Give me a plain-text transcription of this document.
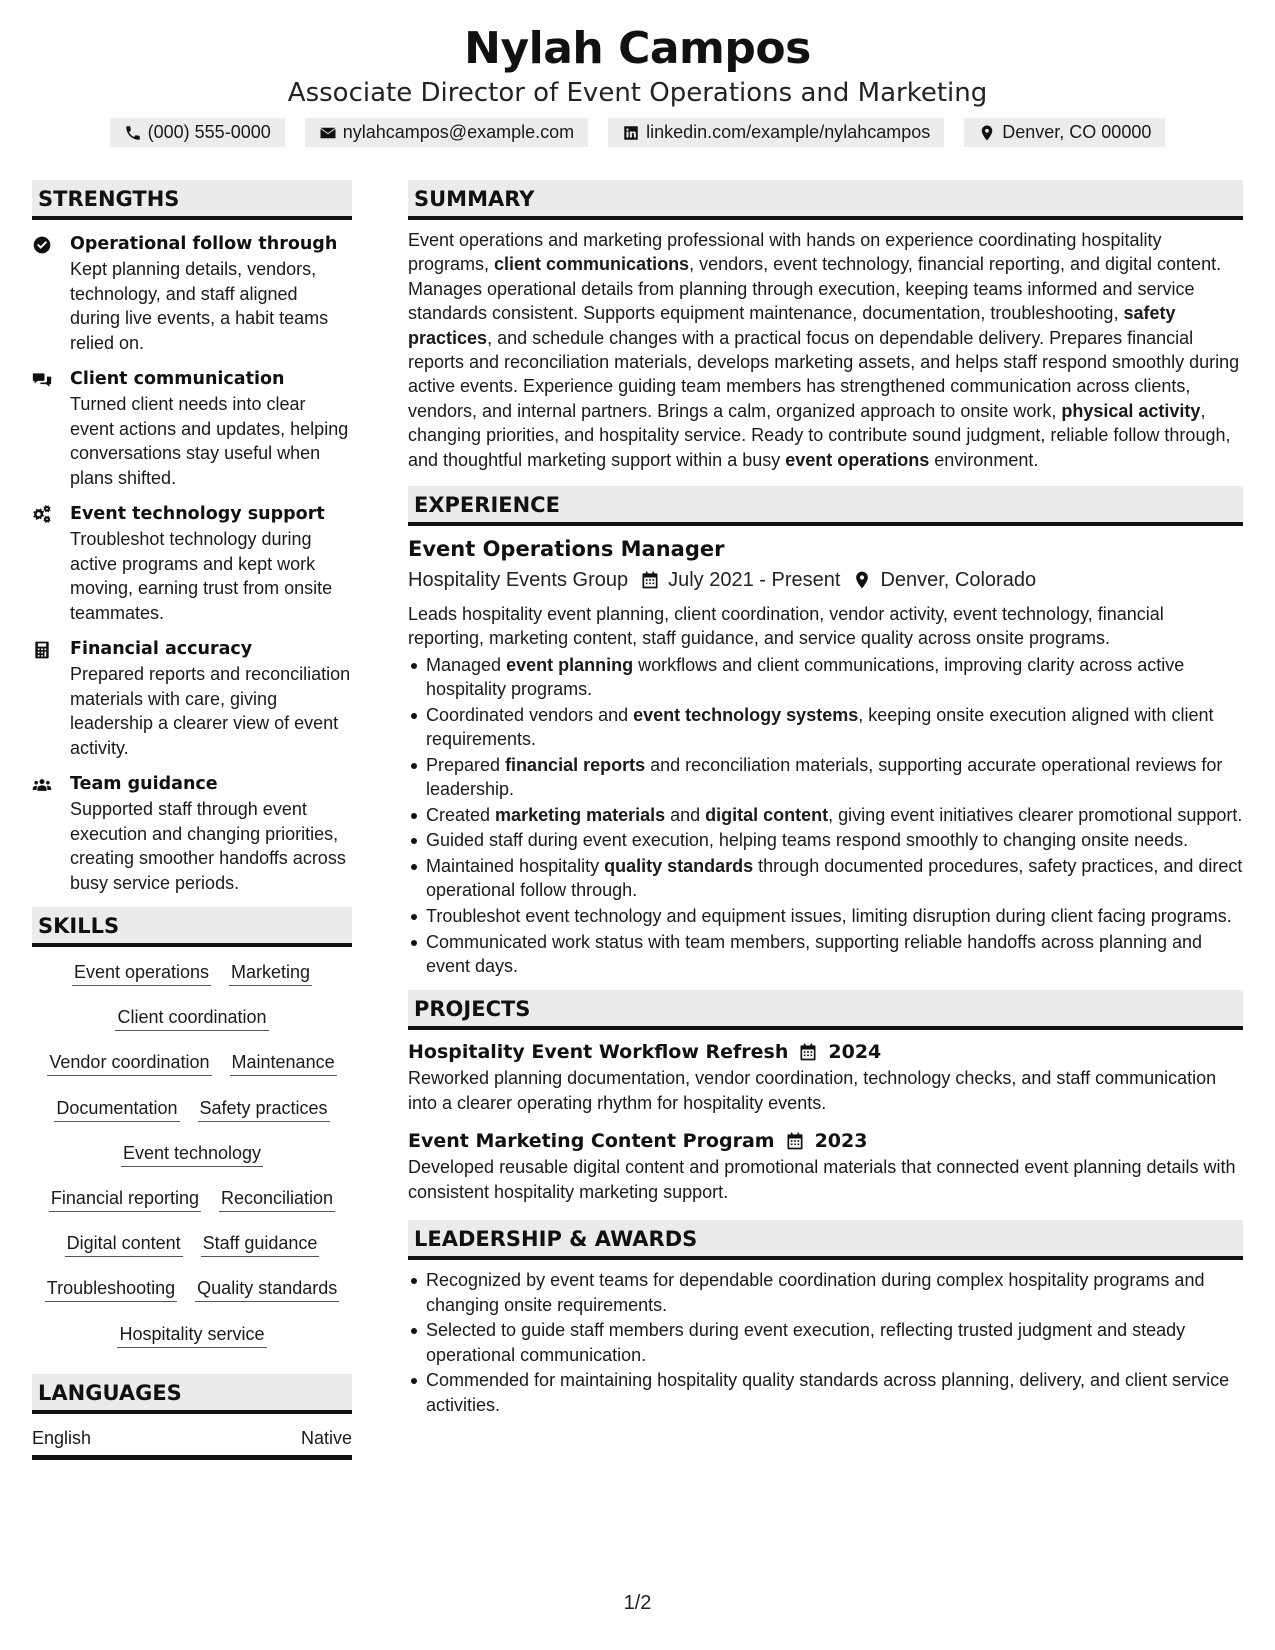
Nylah Campos
Associate Director of Event Operations and Marketing
(000) 555-0000	nylahcampos@example.com	linkedin.com/example/nylahcampos	Denver, CO 00000
STRENGTHS
Operational follow through
Kept planning details, vendors, technology, and staff aligned during live events, a habit teams relied on.
Client communication
Turned client needs into clear event actions and updates, helping conversations stay useful when plans shifted.
Event technology support
Troubleshot technology during active programs and kept work moving, earning trust from onsite teammates.
Financial accuracy
Prepared reports and reconciliation materials with care, giving leadership a clearer view of event activity.
Team guidance
Supported staff through event execution and changing priorities, creating smoother handoffs across busy service periods.
SKILLS
Event operations Marketing
Client coordination
Vendor coordination Maintenance
Documentation Safety practices
Event technology
Financial reporting Reconciliation
Digital content Staff guidance
Troubleshooting Quality standards
Hospitality service
LANGUAGES
English	Native
SUMMARY
Event operations and marketing professional with hands on experience coordinating hospitality programs, client communications, vendors, event technology, financial reporting, and digital content. Manages operational details from planning through execution, keeping teams informed and service standards consistent. Supports equipment maintenance, documentation, troubleshooting, safety practices, and schedule changes with a practical focus on dependable delivery. Prepares financial reports and reconciliation materials, develops marketing assets, and helps staff respond smoothly during active events. Experience guiding team members has strengthened communication across clients, vendors, and internal partners. Brings a calm, organized approach to onsite work, physical activity, changing priorities, and hospitality service. Ready to contribute sound judgment, reliable follow through, and thoughtful marketing support within a busy event operations environment.
EXPERIENCE
Event Operations Manager
Hospitality Events Group July 2021 - Present Denver, Colorado
Leads hospitality event planning, client coordination, vendor activity, event technology, financial reporting, marketing content, staff guidance, and service quality across onsite programs.
Managed event planning workflows and client communications, improving clarity across active hospitality programs.
Coordinated vendors and event technology systems, keeping onsite execution aligned with client requirements.
Prepared financial reports and reconciliation materials, supporting accurate operational reviews for leadership.
Created marketing materials and digital content, giving event initiatives clearer promotional support.
Guided staff during event execution, helping teams respond smoothly to changing onsite needs.
Maintained hospitality quality standards through documented procedures, safety practices, and direct operational follow through.
Troubleshot event technology and equipment issues, limiting disruption during client facing programs.
Communicated work status with team members, supporting reliable handoffs across planning and event days.
PROJECTS
Hospitality Event Workflow Refresh 2024
Reworked planning documentation, vendor coordination, technology checks, and staff communication into a clearer operating rhythm for hospitality events.
Event Marketing Content Program 2023
Developed reusable digital content and promotional materials that connected event planning details with consistent hospitality marketing support.
LEADERSHIP & AWARDS
Recognized by event teams for dependable coordination during complex hospitality programs and changing onsite requirements.
Selected to guide staff members during event execution, reflecting trusted judgment and steady operational communication.
Commended for maintaining hospitality quality standards across planning, delivery, and client service activities.
1/2
